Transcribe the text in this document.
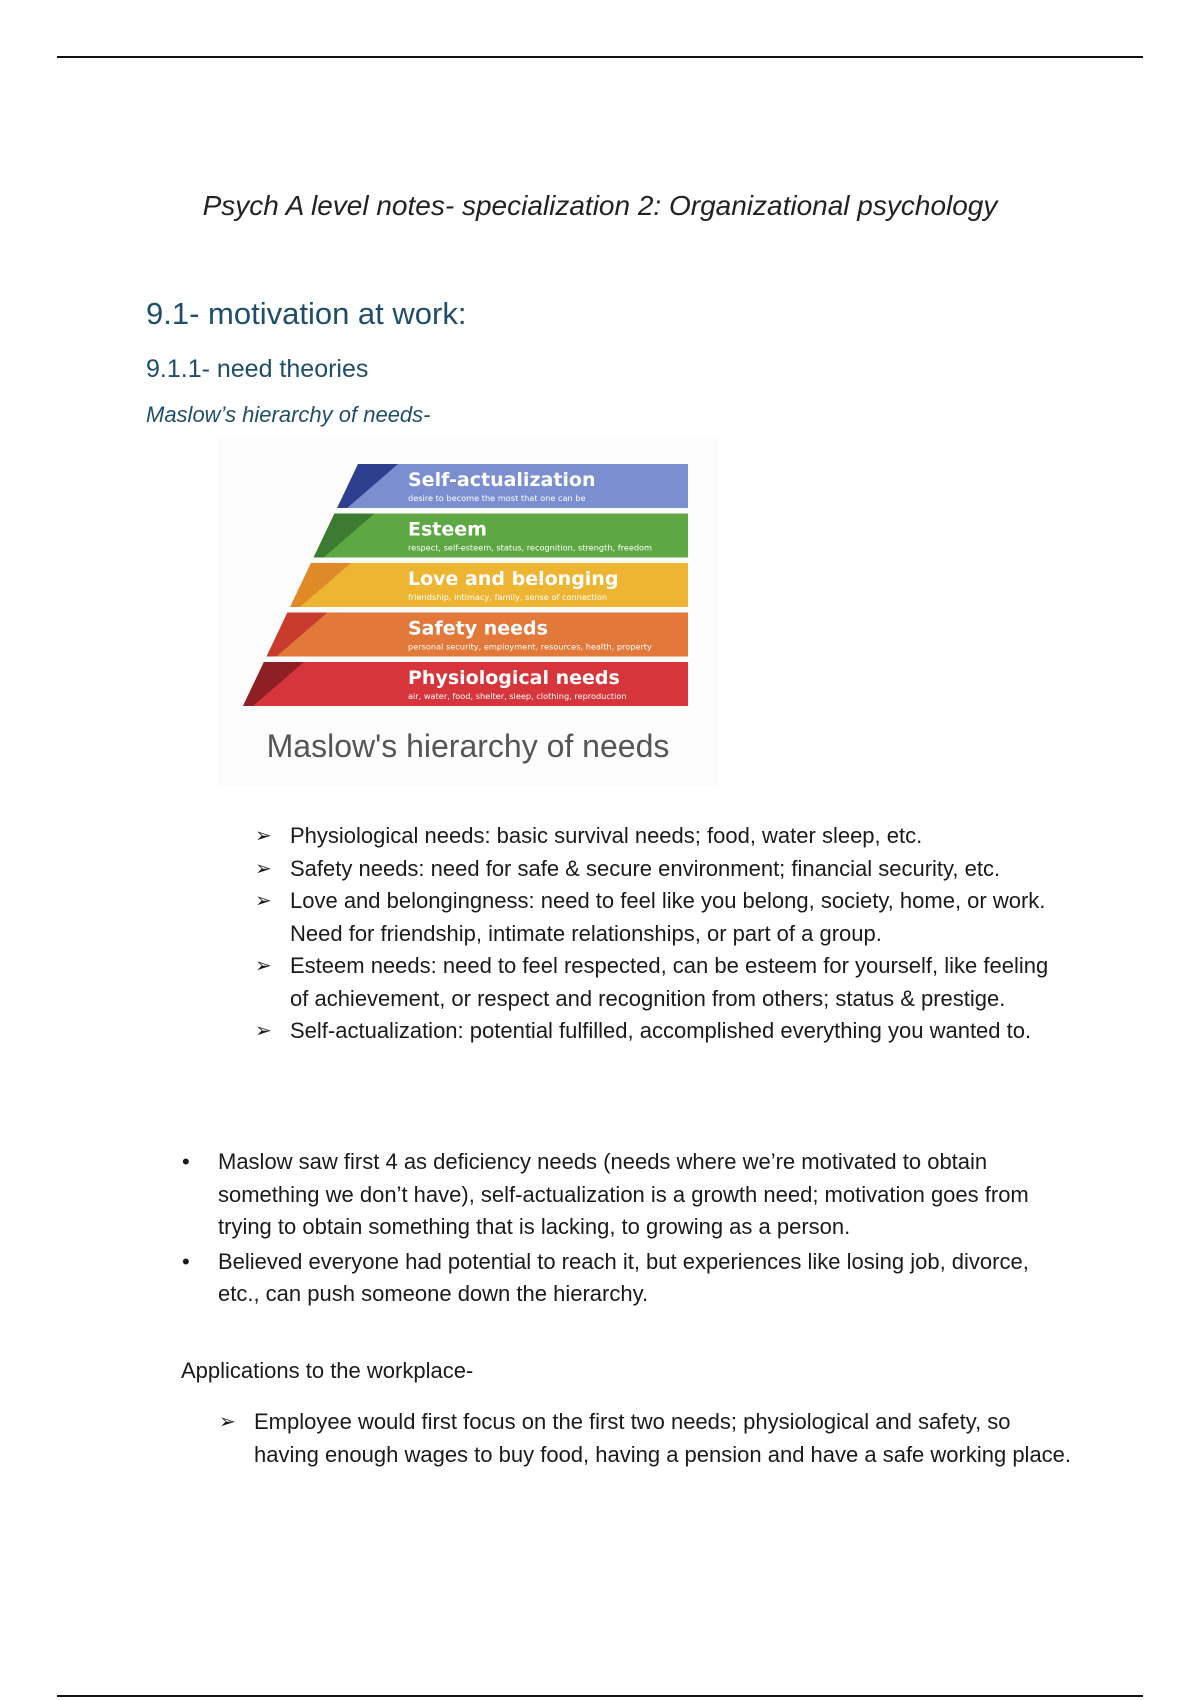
Psych A level notes- specialization 2: Organizational psychology
9.1- motivation at work:
9.1.1- need theories
Maslow’s hierarchy of needs-
Self-actualization
desire to become the most that one can be
Esteem
respect, self-esteem, status, recognition, strength, freedom
Love and belonging
friendship, intimacy, family, sense of connection
Safety needs
personal security, employment, resources, health, property
Physiological needs
air, water, food, shelter, sleep, clothing, reproduction
Maslow's hierarchy of needs
➢ Physiological needs: basic survival needs; food, water sleep, etc.
➢ Safety needs: need for safe & secure environment; financial security, etc.
➢ Love and belongingness: need to feel like you belong, society, home, or work. Need for friendship, intimate relationships, or part of a group.
➢ Esteem needs: need to feel respected, can be esteem for yourself, like feeling of achievement, or respect and recognition from others; status & prestige.
➢ Self-actualization: potential fulfilled, accomplished everything you wanted to.
• Maslow saw first 4 as deficiency needs (needs where we’re motivated to obtain something we don’t have), self-actualization is a growth need; motivation goes from trying to obtain something that is lacking, to growing as a person.
• Believed everyone had potential to reach it, but experiences like losing job, divorce, etc., can push someone down the hierarchy.
Applications to the workplace-
➢ Employee would first focus on the first two needs; physiological and safety, so having enough wages to buy food, having a pension and have a safe working place.
